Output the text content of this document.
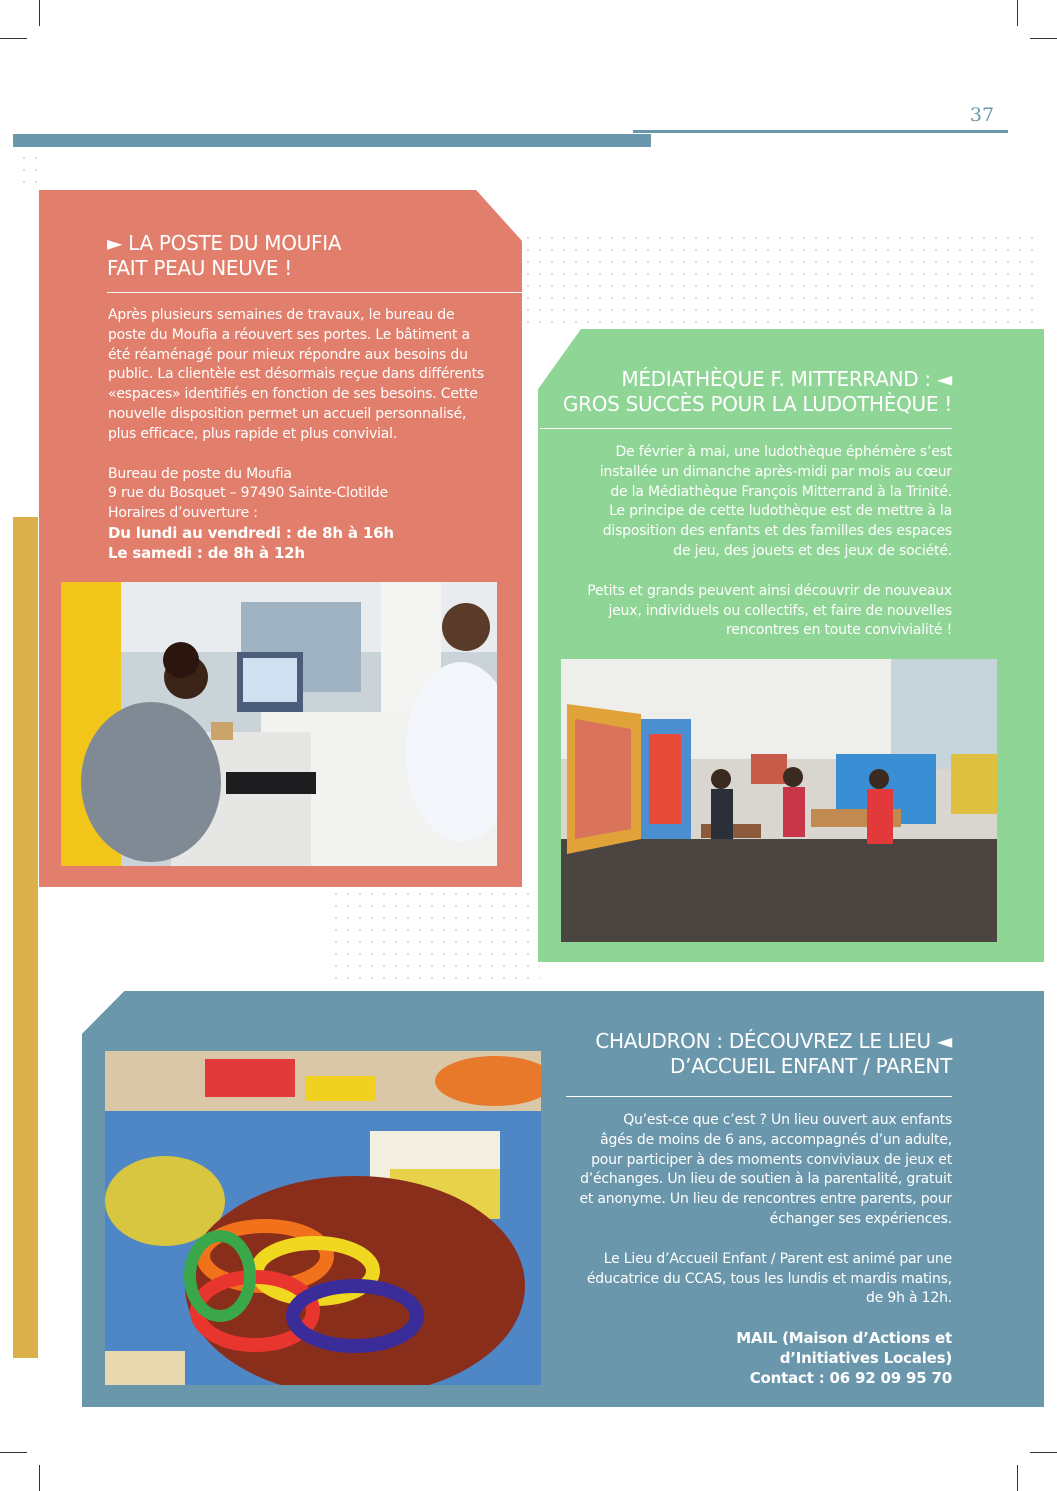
37
► LA POSTE DU MOUFIA
FAIT PEAU NEUVE !

Après plusieurs semaines de travaux, le bureau de

poste du Moufia a réouvert ses portes. Le bâtiment a

été réaménagé pour mieux répondre aux besoins du

public. La clientèle est désormais reçue dans différents

«espaces» identifiés en fonction de ses besoins. Cette

nouvelle disposition permet un accueil personnalisé,

plus efficace, plus rapide et plus convivial.

Bureau de poste du Moufia

9 rue du Bosquet – 97490 Sainte-Clotilde

Horaires d’ouverture :

Du lundi au vendredi : de 8h à 16h

Le samedi : de 8h à 12h

MÉDIATHÈQUE F. MITTERRAND : ◄
GROS SUCCÈS POUR LA LUDOTHÈQUE !

De février à mai, une ludothèque éphémère s’est

installée un dimanche après-midi par mois au cœur

de la Médiathèque François Mitterrand à la Trinité.

Le principe de cette ludothèque est de mettre à la

disposition des enfants et des familles des espaces

de jeu, des jouets et des jeux de société.

Petits et grands peuvent ainsi découvrir de nouveaux

jeux, individuels ou collectifs, et faire de nouvelles

rencontres en toute convivialité !

CHAUDRON : DÉCOUVREZ LE LIEU ◄
D’ACCUEIL ENFANT / PARENT

Qu’est-ce que c’est ? Un lieu ouvert aux enfants

âgés de moins de 6 ans, accompagnés d’un adulte,

pour participer à des moments conviviaux de jeux et

d’échanges. Un lieu de soutien à la parentalité, gratuit

et anonyme. Un lieu de rencontres entre parents, pour

échanger ses expériences.

Le Lieu d’Accueil Enfant / Parent est animé par une

éducatrice du CCAS, tous les lundis et mardis matins,

de 9h à 12h.

MAIL (Maison d’Actions et

d’Initiatives Locales)

Contact : 06 92 09 95 70
